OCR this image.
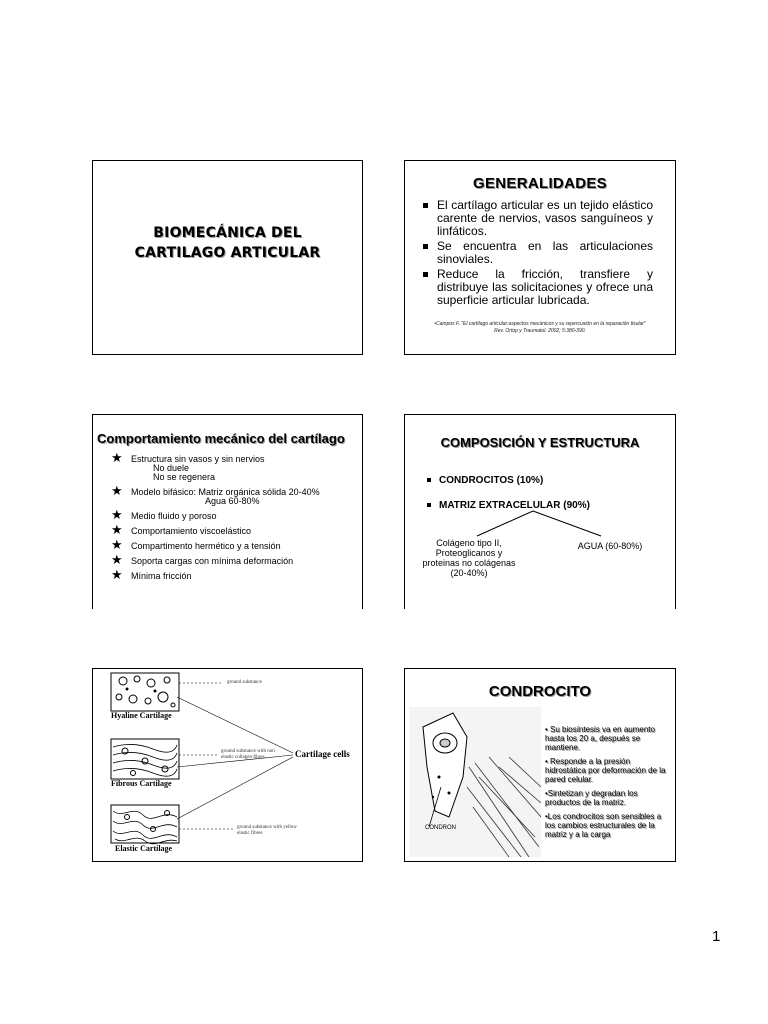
BIOMECÁNICA DEL
CARTILAGO ARTICULAR
GENERALIDADES
El cartílago articular es un tejido elástico carente de nervios, vasos sanguíneos y linfáticos.
Se encuentra en las articulaciones sinoviales.
Reduce la fricción, transfiere y distribuye las solicitaciones y ofrece una superficie articular lubricada.
•Campos F. "El cartílago articular:aspectos mecánicos y su repercusión en la reparación tisular" Rev. Ortop y Traumatol. 2002; 5:380-390.
Comportamiento mecánico del cartílago
★ Estructura sin vasos y sin nervios
No duele
No se regenera
★ Modelo bifásico: Matriz orgánica sólida 20-40%
Agua 60-80%
★ Medio fluido y poroso
★ Comportamiento viscoelástico
★ Compartimento hermético y a tensión
★ Soporta cargas con mínima deformación
★ Mínima fricción
COMPOSICIÓN Y ESTRUCTURA
CONDROCITOS (10%)
MATRIZ EXTRACELULAR (90%)
Colágeno tipo II, Proteoglicanos y proteinas no colágenas (20-40%)
AGUA (60-80%)
Hyaline Cartilage
Fibrous Cartilage
Elastic Cartilage
ground substance
ground substance with non elastic collagen fibres
ground substance with yellow elastic fibres
Cartilage cells
CONDROCITO
CONDRON
• Su biosíntesis va en aumento hasta los 20 a, después se mantiene.
• Responde a la presión hidrostática por deformación de la pared celular.
•Sintetizan y degradan los productos de la matriz.
•Los condrocitos son sensibles a los cambios estructurales de la matriz y a la carga
1
